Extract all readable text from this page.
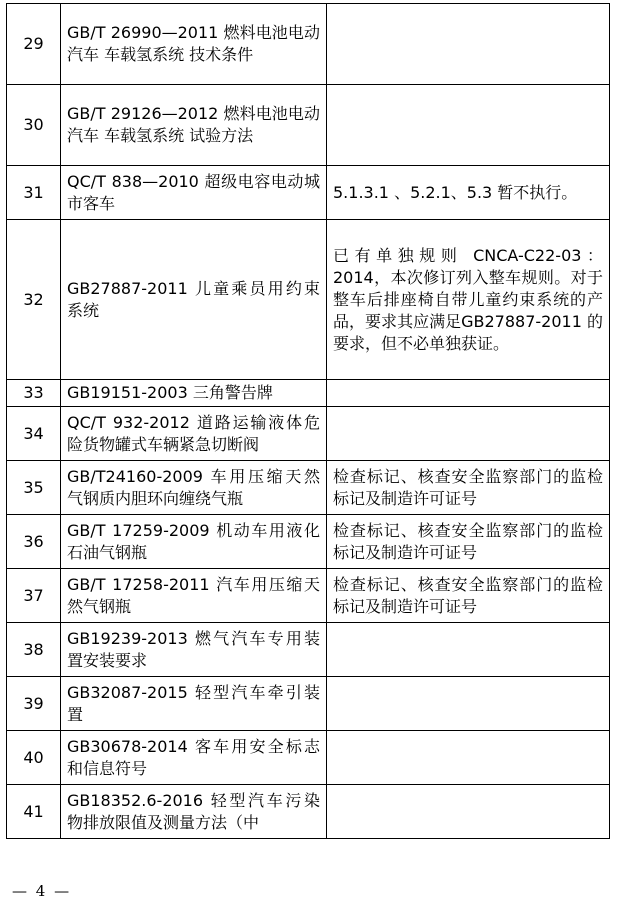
29	GB/T 26990—2011 燃料电池电动汽车 车载氢系统 技术条件	
30	GB/T 29126—2012 燃料电池电动汽车 车载氢系统 试验方法	
31	QC/T 838—2010 超级电容电动城市客车	5.1.3.1 、5.2.1、5.3 暂不执行。
32	GB27887-2011 儿童乘员用约束系统	已有单独规则 CNCA-C22-03：2014，本次修订列入整车规则。对于整车后排座椅自带儿童约束系统的产品，要求其应满足GB27887-2011 的要求，但不必单独获证。
33	GB19151-2003 三角警告牌	
34	QC/T 932-2012 道路运输液体危险货物罐式车辆紧急切断阀	
35	GB/T24160-2009 车用压缩天然气钢质内胆环向缠绕气瓶	检查标记、核查安全监察部门的监检标记及制造许可证号
36	GB/T 17259-2009 机动车用液化石油气钢瓶	检查标记、核查安全监察部门的监检标记及制造许可证号
37	GB/T 17258-2011 汽车用压缩天然气钢瓶	检查标记、核查安全监察部门的监检标记及制造许可证号
38	GB19239-2013 燃气汽车专用装置安装要求	
39	GB32087-2015 轻型汽车牵引装置	
40	GB30678-2014 客车用安全标志和信息符号	
41	GB18352.6-2016 轻型汽车污染物排放限值及测量方法（中	
— 4 —
